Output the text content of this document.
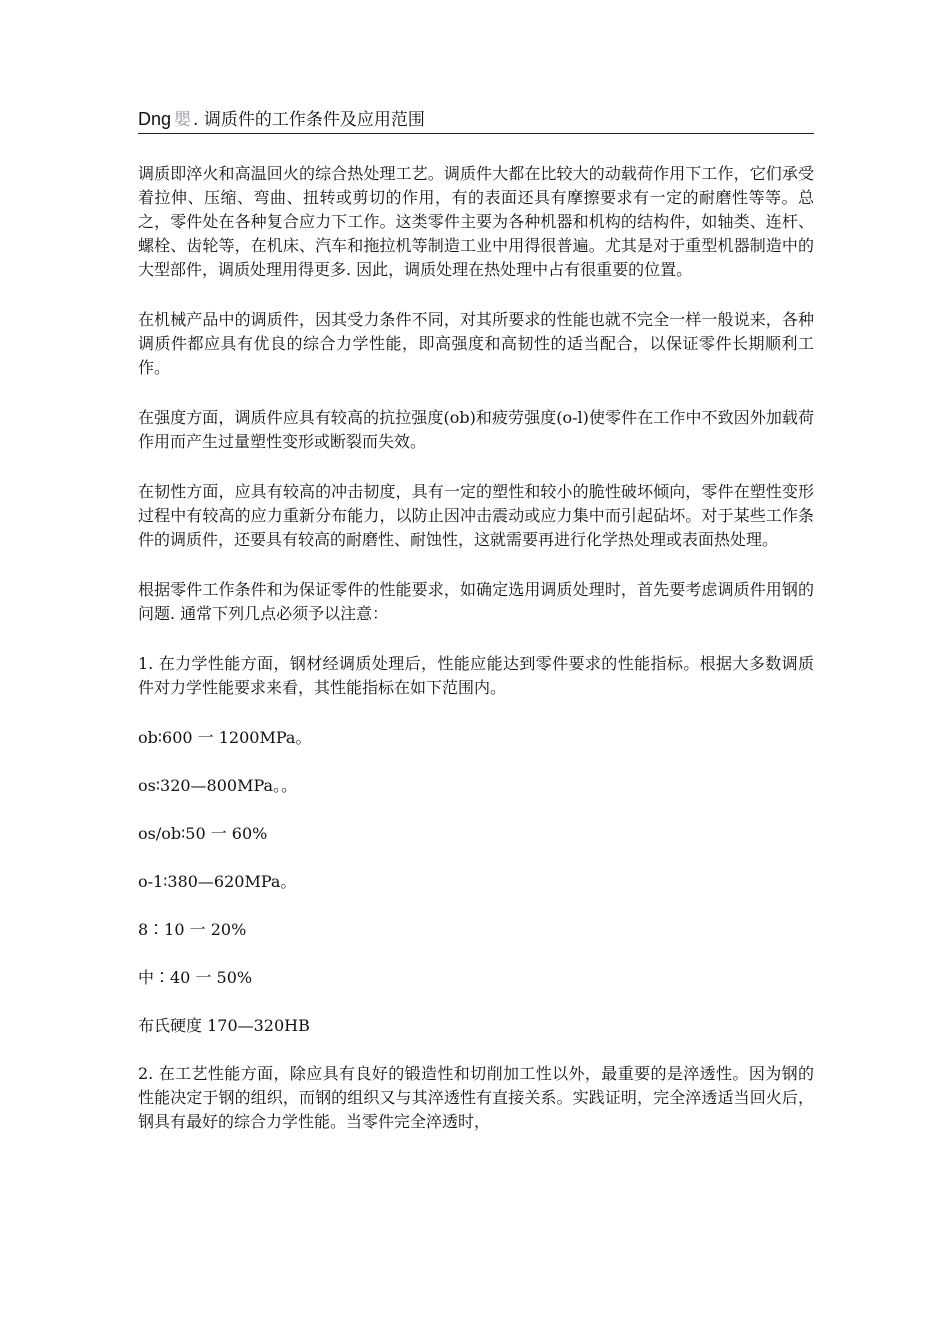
Dng 嬰 . 调质件的工作条件及应用范围

调质即淬火和高温回火的综合热处理工艺。调质件大都在比较大的动载荷作用下工作，它们承受着拉伸、压缩、弯曲、扭转或剪切的作用，有的表面还具有摩擦要求有一定的耐磨性等等。总之，零件处在各种复合应力下工作。这类零件主要为各种机器和机构的结构件，如轴类、连杆、螺栓、齿轮等，在机床、汽车和拖拉机等制造工业中用得很普遍。尤其是对于重型机器制造中的大型部件，调质处理用得更多. 因此，调质处理在热处理中占有很重要的位置。

在机械产品中的调质件，因其受力条件不同，对其所要求的性能也就不完全一样一般说来，各种调质件都应具有优良的综合力学性能，即高强度和高韧性的适当配合，以保证零件长期顺利工作。

在强度方面，调质件应具有较高的抗拉强度(ob)和疲劳强度(o-l)使零件在工作中不致因外加载荷作用而产生过量塑性变形或断裂而失效。

在韧性方面，应具有较高的冲击韧度，具有一定的塑性和较小的脆性破坏倾向，零件在塑性变形过程中有较高的应力重新分布能力，以防止因冲击震动或应力集中而引起砧坏。对于某些工作条件的调质件，还要具有较高的耐磨性、耐蚀性，这就需要再进行化学热处理或表面热处理。

根据零件工作条件和为保证零件的性能要求，如确定选用调质处理时，首先要考虑调质件用钢的问题. 通常下列几点必须予以注意：

1. 在力学性能方面，钢材经调质处理后，性能应能达到零件要求的性能指标。根据大多数调质件对力学性能要求来看，其性能指标在如下范围内。

ob∶600 一 1200MPa。
os∶320—800MPa。。
os/ob∶50 一 60%
o-1∶380—620MPa。
8∶10 一 20%
中∶40 一 50%
布氏硬度 170—320HB

2. 在工艺性能方面，除应具有良好的锻造性和切削加工性以外，最重要的是淬透性。因为钢的性能决定于钢的组织，而钢的组织又与其淬透性有直接关系。实践证明，完全淬透适当回火后，钢具有最好的综合力学性能。当零件完全淬透时，
